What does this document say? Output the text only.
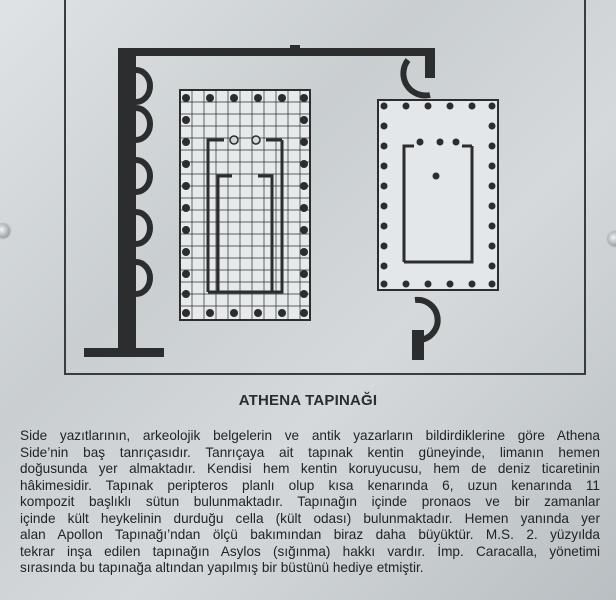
ATHENA TAPINAĞI
Side yazıtlarının, arkeolojik belgelerin ve antik yazarların bildirdiklerine göre Athena
Side’nin baş tanrıçasıdır. Tanrıçaya ait tapınak kentin güneyinde, limanın hemen
doğusunda yer almaktadır. Kendisi hem kentin koruyucusu, hem de deniz ticaretinin
hâkimesidir. Tapınak peripteros planlı olup kısa kenarında 6, uzun kenarında 11
kompozit başlıklı sütun bulunmaktadır. Tapınağın içinde pronaos ve bir zamanlar
içinde kült heykelinin durduğu cella (kült odası) bulunmaktadır. Hemen yanında yer
alan Apollon Tapınağı’ndan ölçü bakımından biraz daha büyüktür. M.S. 2. yüzyılda
tekrar inşa edilen tapınağın Asylos (sığınma) hakkı vardır. İmp. Caracalla, yönetimi
sırasında bu tapınağa altından yapılmış bir büstünü hediye etmiştir.
